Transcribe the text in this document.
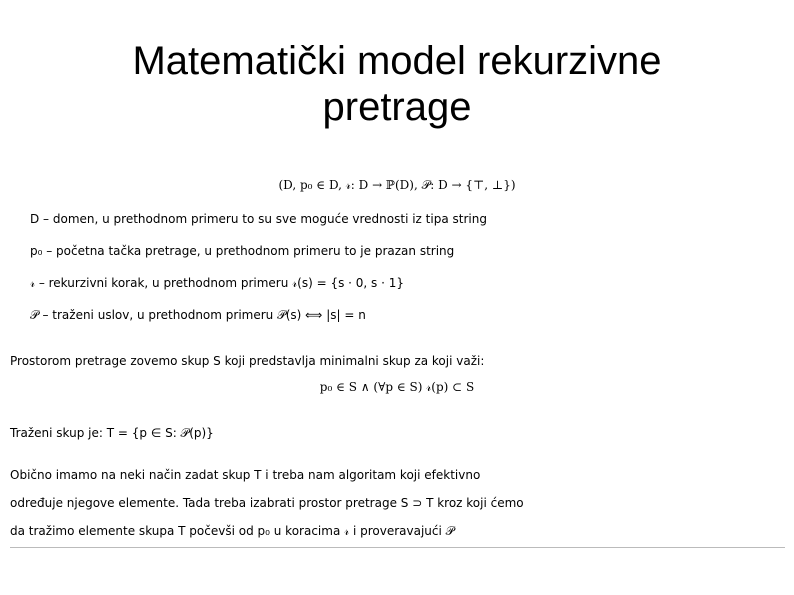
Matematički model rekurzivne
pretrage
(D, p₀ ∈ D, 𝓇: D → ℙ(D), 𝒫: D → {⊤, ⊥})
D – domen, u prethodnom primeru to su sve moguće vrednosti iz tipa string
p₀ – početna tačka pretrage, u prethodnom primeru to je prazan string
𝓇 – rekurzivni korak, u prethodnom primeru 𝓇(s) = {s · 0, s · 1}
𝒫 – traženi uslov, u prethodnom primeru 𝒫(s) ⟺ |s| = n
Prostorom pretrage zovemo skup S koji predstavlja minimalni skup za koji važi:
p₀ ∈ S ∧ (∀p ∈ S) 𝓇(p) ⊂ S
Traženi skup je: T = {p ∈ S: 𝒫(p)}
Obično imamo na neki način zadat skup T i treba nam algoritam koji efektivno
određuje njegove elemente. Tada treba izabrati prostor pretrage S ⊃ T kroz koji ćemo
da tražimo elemente skupa T počevši od p₀ u koracima 𝓇 i proveravajući 𝒫
